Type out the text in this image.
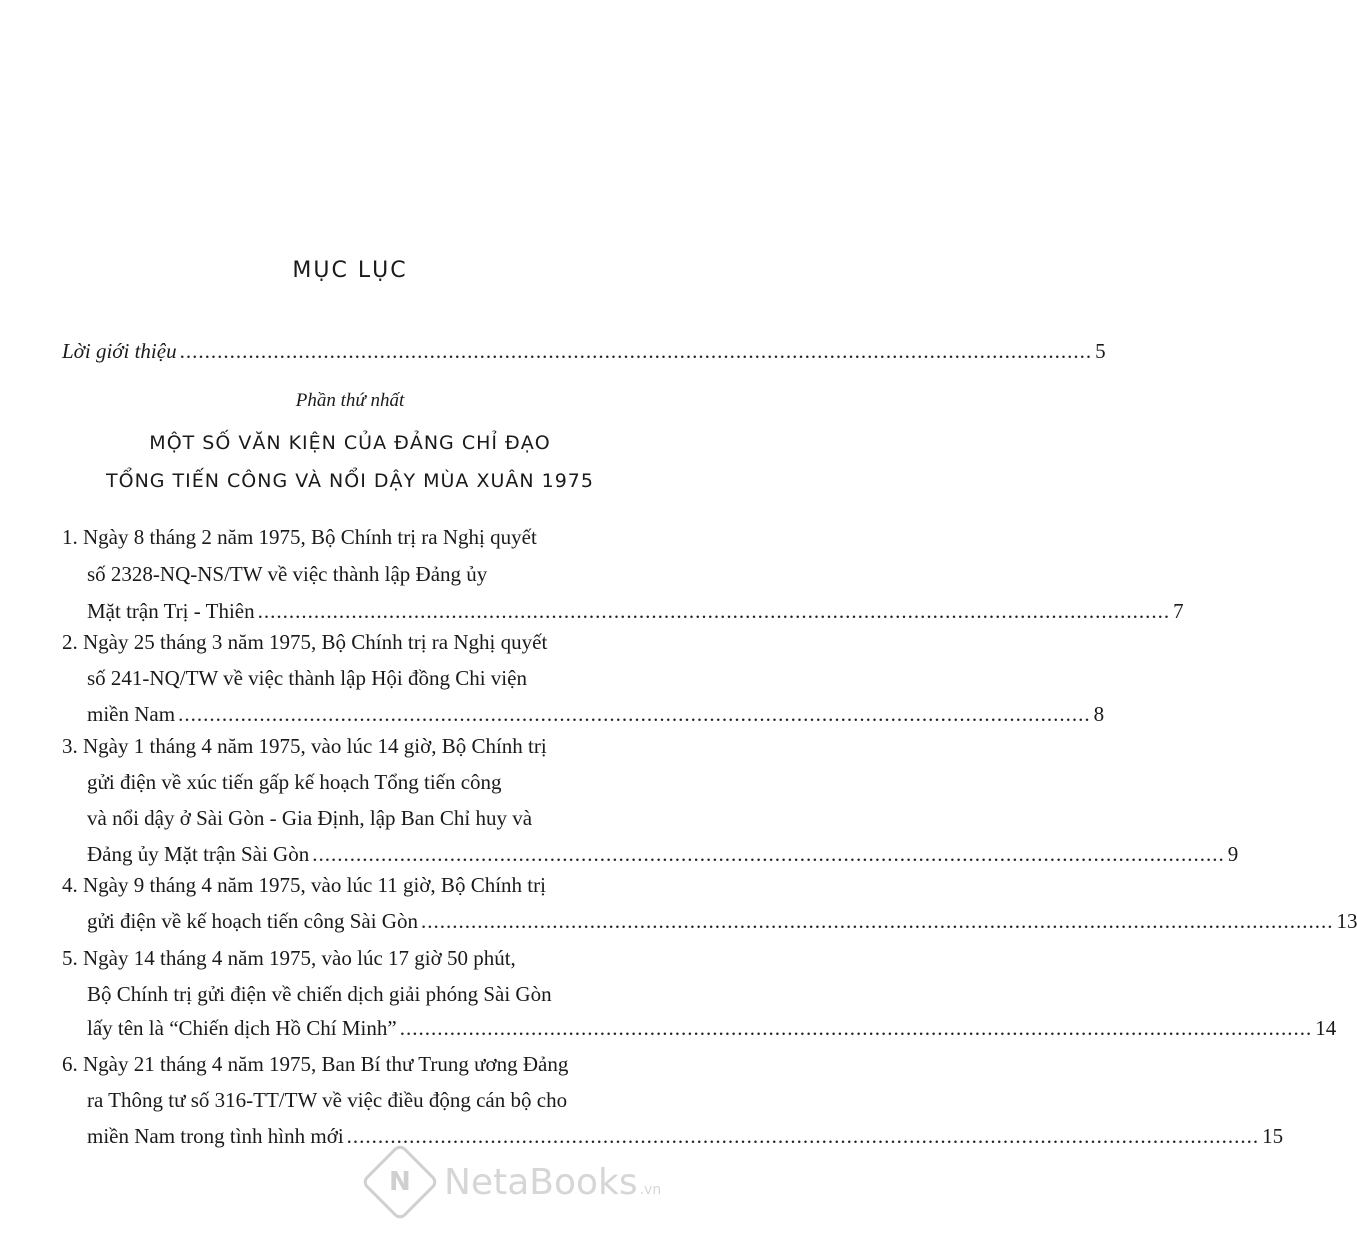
MỤC LỤC
Lời giới thiệu .................................................................................................................................................. 5
Phần thứ nhất
MỘT SỐ VĂN KIỆN CỦA ĐẢNG CHỈ ĐẠO
TỔNG TIẾN CÔNG VÀ NỔI DẬY MÙA XUÂN 1975
1. Ngày 8 tháng 2 năm 1975, Bộ Chính trị ra Nghị quyết
số 2328-NQ-NS/TW về việc thành lập Đảng ủy
Mặt trận Trị - Thiên .................................................................................................................................................. 7
2. Ngày 25 tháng 3 năm 1975, Bộ Chính trị ra Nghị quyết
số 241-NQ/TW về việc thành lập Hội đồng Chi viện
miền Nam .................................................................................................................................................. 8
3. Ngày 1 tháng 4 năm 1975, vào lúc 14 giờ, Bộ Chính trị
gửi điện về xúc tiến gấp kế hoạch Tổng tiến công
và nổi dậy ở Sài Gòn - Gia Định, lập Ban Chỉ huy và
Đảng ủy Mặt trận Sài Gòn .................................................................................................................................................. 9
4. Ngày 9 tháng 4 năm 1975, vào lúc 11 giờ, Bộ Chính trị
gửi điện về kế hoạch tiến công Sài Gòn .................................................................................................................................................. 13
5. Ngày 14 tháng 4 năm 1975, vào lúc 17 giờ 50 phút,
Bộ Chính trị gửi điện về chiến dịch giải phóng Sài Gòn
lấy tên là “Chiến dịch Hồ Chí Minh” .................................................................................................................................................. 14
6. Ngày 21 tháng 4 năm 1975, Ban Bí thư Trung ương Đảng
ra Thông tư số 316-TT/TW về việc điều động cán bộ cho
miền Nam trong tình hình mới .................................................................................................................................................. 15
N NetaBooks .vn
